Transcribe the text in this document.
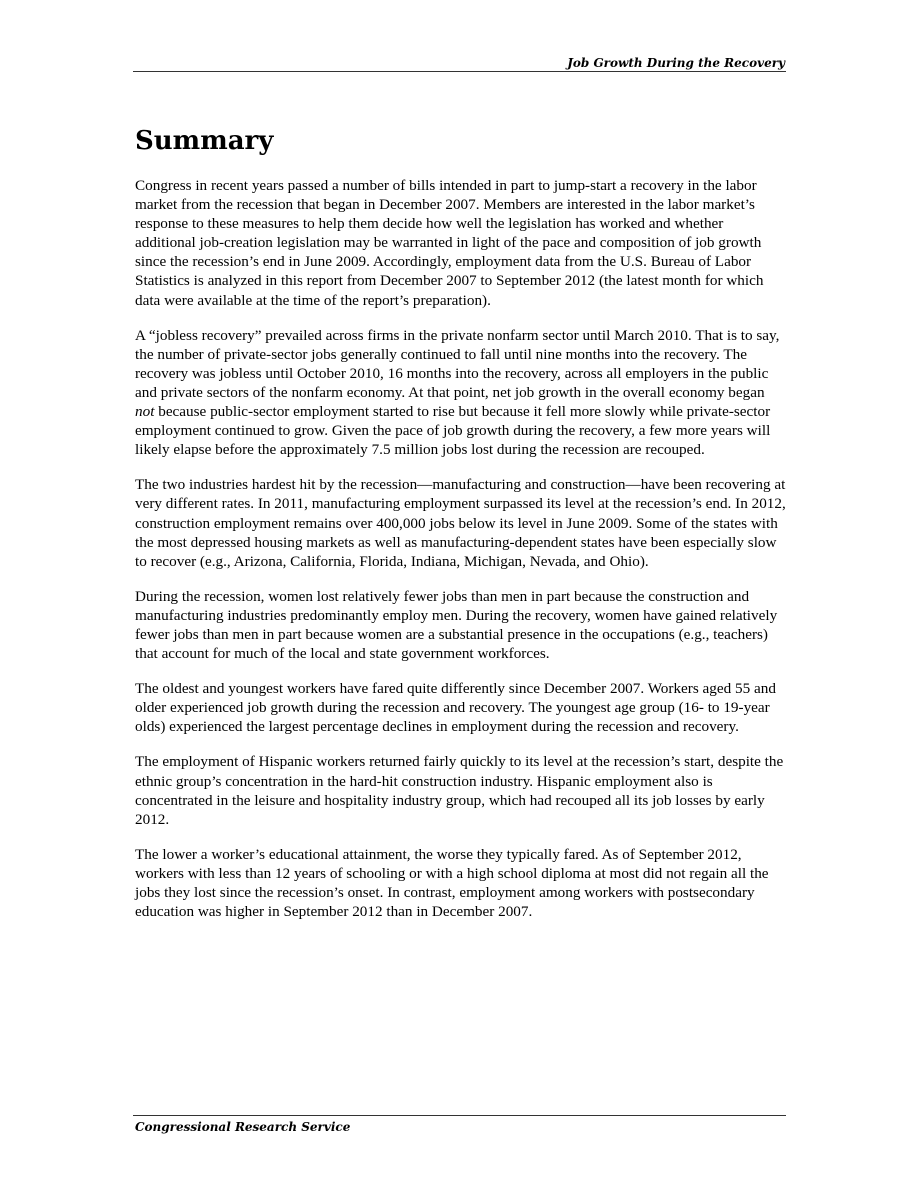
Job Growth During the Recovery
Summary

Congress in recent years passed a number of bills intended in part to jump-start a recovery in the labor market from the recession that began in December 2007. Members are interested in the labor market’s response to these measures to help them decide how well the legislation has worked and whether additional job-creation legislation may be warranted in light of the pace and composition of job growth since the recession’s end in June 2009. Accordingly, employment data from the U.S. Bureau of Labor Statistics is analyzed in this report from December 2007 to September 2012 (the latest month for which data were available at the time of the report’s preparation).

A “jobless recovery” prevailed across firms in the private nonfarm sector until March 2010. That is to say, the number of private-sector jobs generally continued to fall until nine months into the recovery. The recovery was jobless until October 2010, 16 months into the recovery, across all employers in the public and private sectors of the nonfarm economy. At that point, net job growth in the overall economy began not because public-sector employment started to rise but because it fell more slowly while private-sector employment continued to grow. Given the pace of job growth during the recovery, a few more years will likely elapse before the approximately 7.5 million jobs lost during the recession are recouped.

The two industries hardest hit by the recession—manufacturing and construction—have been recovering at very different rates. In 2011, manufacturing employment surpassed its level at the recession’s end. In 2012, construction employment remains over 400,000 jobs below its level in June 2009. Some of the states with the most depressed housing markets as well as manufacturing-dependent states have been especially slow to recover (e.g., Arizona, California, Florida, Indiana, Michigan, Nevada, and Ohio).

During the recession, women lost relatively fewer jobs than men in part because the construction and manufacturing industries predominantly employ men. During the recovery, women have gained relatively fewer jobs than men in part because women are a substantial presence in the occupations (e.g., teachers) that account for much of the local and state government workforces.

The oldest and youngest workers have fared quite differently since December 2007. Workers aged 55 and older experienced job growth during the recession and recovery. The youngest age group (16- to 19-year olds) experienced the largest percentage declines in employment during the recession and recovery.

The employment of Hispanic workers returned fairly quickly to its level at the recession’s start, despite the ethnic group’s concentration in the hard-hit construction industry. Hispanic employment also is concentrated in the leisure and hospitality industry group, which had recouped all its job losses by early 2012.

The lower a worker’s educational attainment, the worse they typically fared. As of September 2012, workers with less than 12 years of schooling or with a high school diploma at most did not regain all the jobs they lost since the recession’s onset. In contrast, employment among workers with postsecondary education was higher in September 2012 than in December 2007.

Congressional Research Service
